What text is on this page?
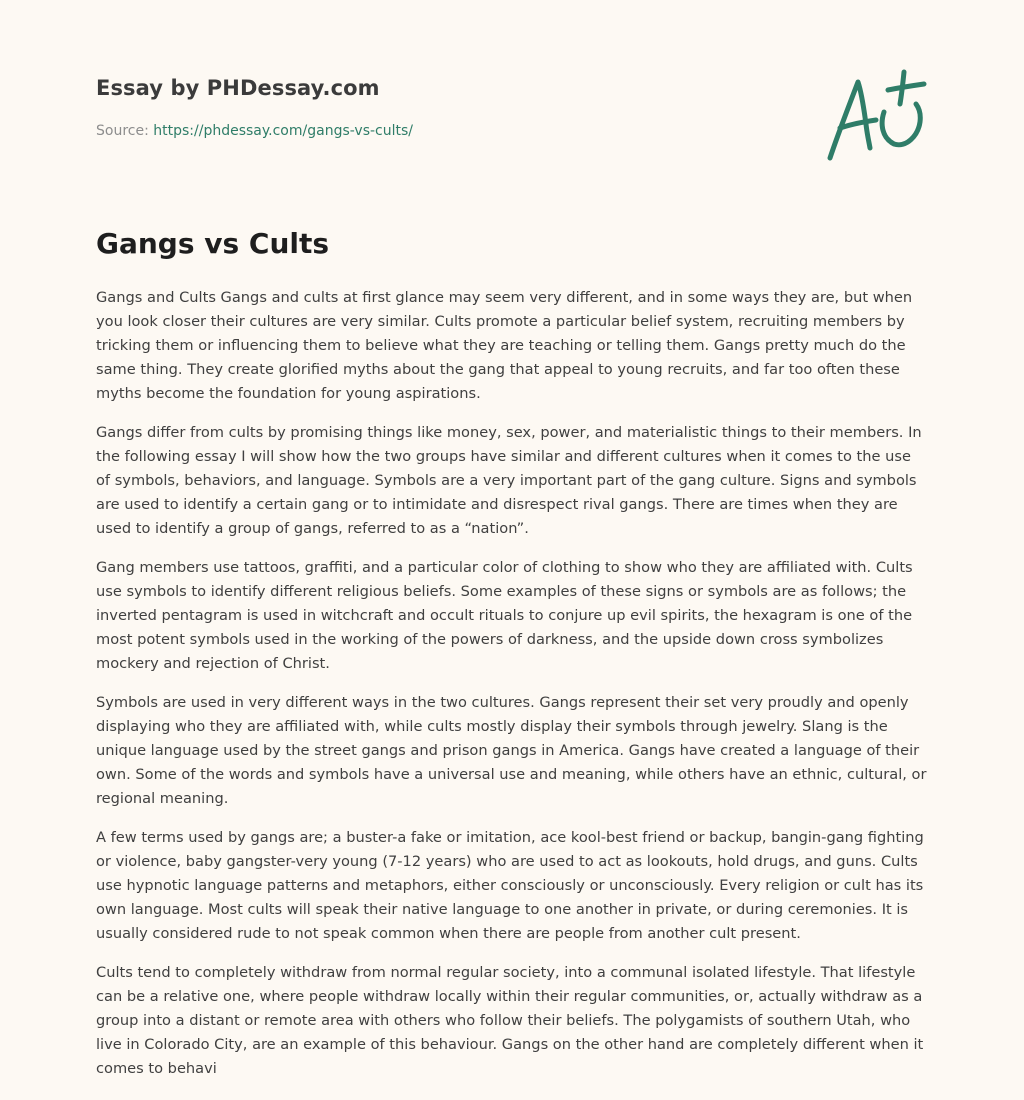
Essay by PHDessay.com
Source: https://phdessay.com/gangs-vs-cults/
Gangs vs Cults

Gangs and Cults Gangs and cults at first glance may seem very different, and in some ways they are, but when you look closer their cultures are very similar. Cults promote a particular belief system, recruiting members by tricking them or influencing them to believe what they are teaching or telling them. Gangs pretty much do the same thing. They create glorified myths about the gang that appeal to young recruits, and far too often these myths become the foundation for young aspirations.

Gangs differ from cults by promising things like money, sex, power, and materialistic things to their members. In the following essay I will show how the two groups have similar and different cultures when it comes to the use of symbols, behaviors, and language. Symbols are a very important part of the gang culture. Signs and symbols are used to identify a certain gang or to intimidate and disrespect rival gangs. There are times when they are used to identify a group of gangs, referred to as a “nation”.

Gang members use tattoos, graffiti, and a particular color of clothing to show who they are affiliated with. Cults use symbols to identify different religious beliefs. Some examples of these signs or symbols are as follows; the inverted pentagram is used in witchcraft and occult rituals to conjure up evil spirits, the hexagram is one of the most potent symbols used in the working of the powers of darkness, and the upside down cross symbolizes mockery and rejection of Christ.

Symbols are used in very different ways in the two cultures. Gangs represent their set very proudly and openly displaying who they are affiliated with, while cults mostly display their symbols through jewelry. Slang is the unique language used by the street gangs and prison gangs in America. Gangs have created a language of their own. Some of the words and symbols have a universal use and meaning, while others have an ethnic, cultural, or regional meaning.

A few terms used by gangs are; a buster-a fake or imitation, ace kool-best friend or backup, bangin-gang fighting or violence, baby gangster-very young (7-12 years) who are used to act as lookouts, hold drugs, and guns. Cults use hypnotic language patterns and metaphors, either consciously or unconsciously. Every religion or cult has its own language. Most cults will speak their native language to one another in private, or during ceremonies. It is usually considered rude to not speak common when there are people from another cult present.

Cults tend to completely withdraw from normal regular society, into a communal isolated lifestyle. That lifestyle can be a relative one, where people withdraw locally within their regular communities, or, actually withdraw as a group into a distant or remote area with others who follow their beliefs. The polygamists of southern Utah, who live in Colorado City, are an example of this behaviour. Gangs on the other hand are completely different when it comes to behavi
